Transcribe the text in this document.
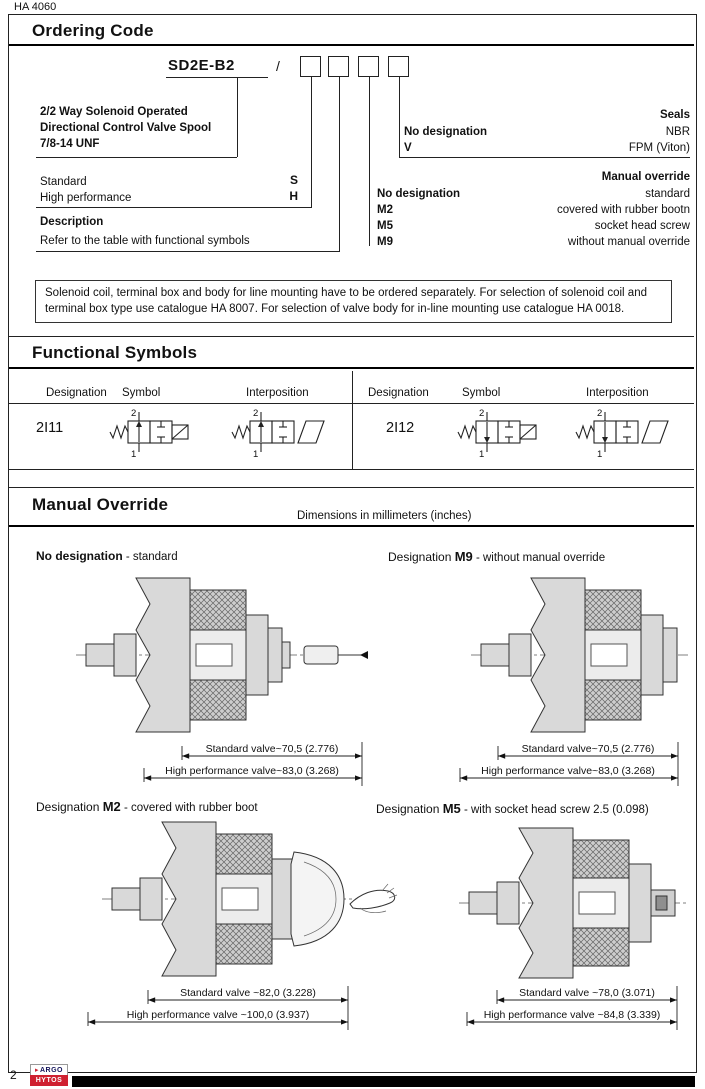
HA 4060
Ordering Code
SD2E-B2	/
2/2 Way Solenoid Operated
Directional Control Valve Spool
7/8-14 UNF
Standard	S
High performance	H
Description
Refer to the table with functional symbols
Seals
No designation	NBR
V	FPM (Viton)
Manual override
No designation	standard
M2	covered with rubber bootn
M5	socket head screw
M9	without manual override
Solenoid coil, terminal box and body for line mounting have to be ordered separately. For selection of solenoid coil and terminal box type use catalogue HA 8007. For selection of valve body for in-line mounting use catalogue HA 0018.
Functional Symbols
Designation Symbol	Interposition	Designation	Symbol	Interposition
2I11	2I12
2
1
2
1
2
1
2
1
Manual Override
Dimensions in millimeters (inches)
No designation - standard	Designation M9 - without manual override
Standard valve~70,5 (2.776)
High performance valve~83,0 (3.268)
Standard valve~70,5 (2.776)
High performance valve~83,0 (3.268)
Designation M2 - covered with rubber boot	Designation M5 - with socket head screw 2.5 (0.098)
Standard valve ~82,0 (3.228)
High performance valve ~100,0 (3.937)
Standard valve ~78,0 (3.071)
High performance valve ~84,8 (3.339)
2	▸ARGO
HYTOS
